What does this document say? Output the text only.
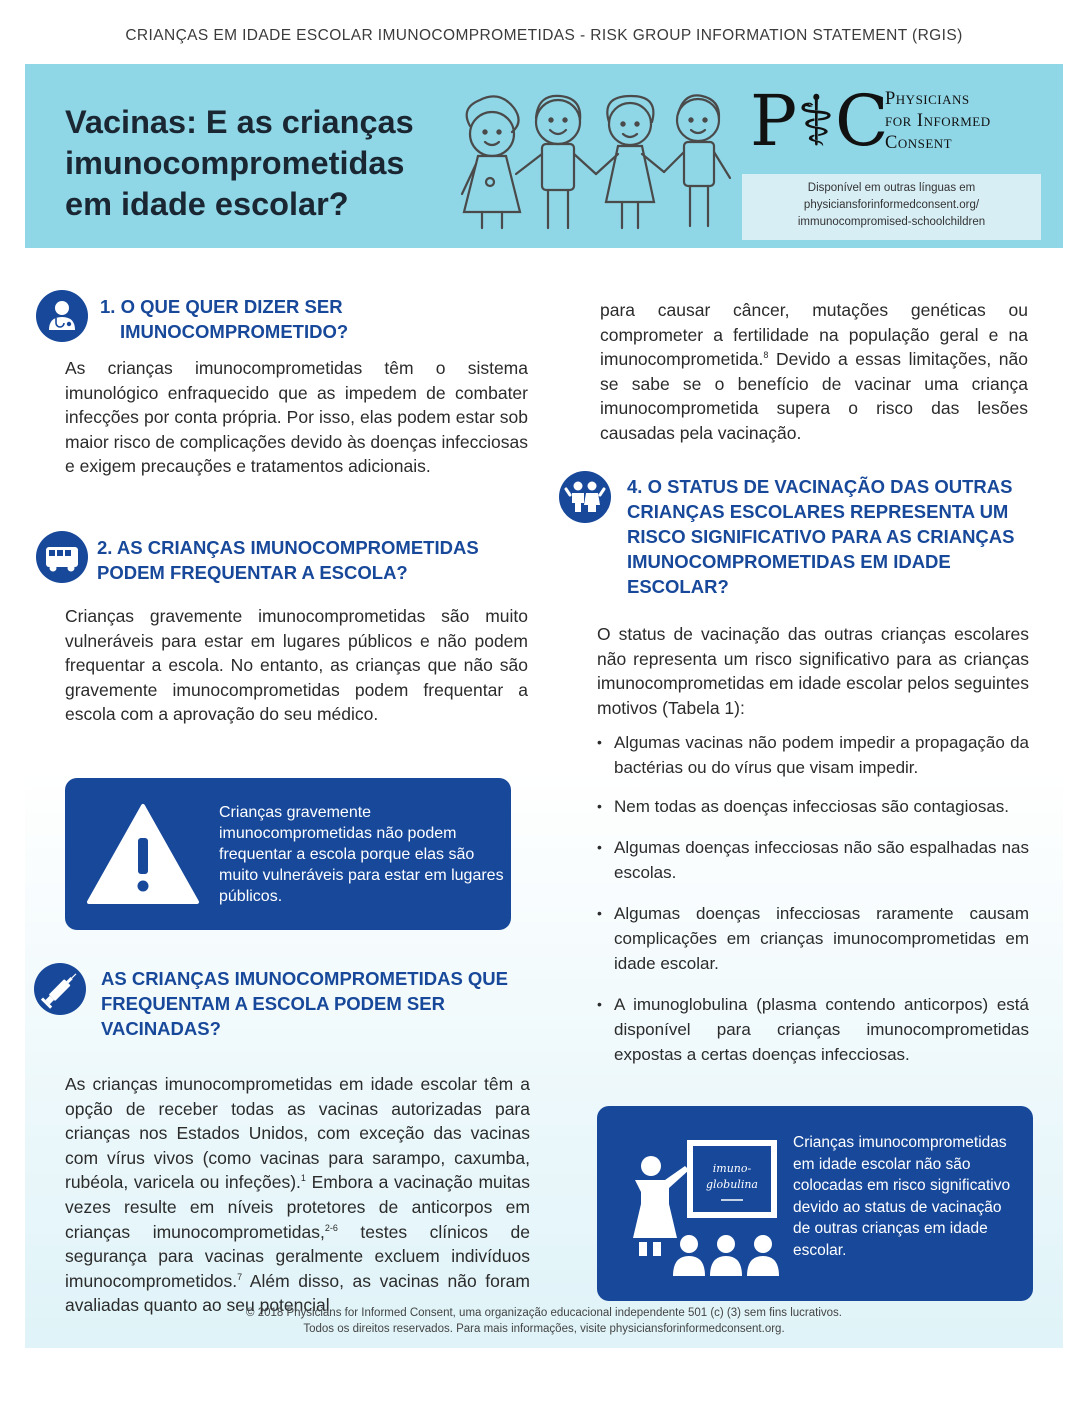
CRIANÇAS EM IDADE ESCOLAR IMUNOCOMPROMETIDAS - RISK GROUP INFORMATION STATEMENT (RGIS)
Vacinas: E as crianças imunocomprometidas em idade escolar?
P⚕C
Physicians
for Informed
Consent
Disponível em outras línguas em
physiciansforinformedconsent.org/
immunocompromised-schoolchildren
1. O QUE QUER DIZER SER
IMUNOCOMPROMETIDO?
As crianças imunocomprometidas têm o sistema imunológico enfraquecido que as impedem de combater infecções por conta própria. Por isso, elas podem estar sob maior risco de complicações devido às doenças infecciosas e exigem precauções e tratamentos adicionais.
2. AS CRIANÇAS IMUNOCOMPROMETIDAS PODEM FREQUENTAR A ESCOLA?
Crianças gravemente imunocomprometidas são muito vulneráveis para estar em lugares públicos e não podem frequentar a escola. No entanto, as crianças que não são gravemente imunocomprometidas podem frequentar a escola com a aprovação do seu médico.
Crianças gravemente imunocomprometidas não podem frequentar a escola porque elas são muito vulneráveis para estar em lugares públicos.
AS CRIANÇAS IMUNOCOMPROMETIDAS QUE FREQUENTAM A ESCOLA PODEM SER VACINADAS?
As crianças imunocomprometidas em idade escolar têm a opção de receber todas as vacinas autorizadas para crianças nos Estados Unidos, com exceção das vacinas com vírus vivos (como vacinas para sarampo, caxumba, rubéola, varicela ou infeções).$^1$ Embora a vacinação muitas vezes resulte em níveis protetores de anticorpos em crianças imunocomprometidas,$^{2-6}$ testes clínicos de segurança para vacinas geralmente excluem indivíduos imunocomprometidos.$^7$ Além disso, as vacinas não foram avaliadas quanto ao seu potencial
para causar câncer, mutações genéticas ou comprometer a fertilidade na população geral e na imunocomprometida.$^8$ Devido a essas limitações, não se sabe se o benefício de vacinar uma criança imunocomprometida supera o risco das lesões causadas pela vacinação.
4. O STATUS DE VACINAÇÃO DAS OUTRAS CRIANÇAS ESCOLARES REPRESENTA UM RISCO SIGNIFICATIVO PARA AS CRIANÇAS IMUNOCOMPROMETIDAS EM IDADE ESCOLAR?
O status de vacinação das outras crianças escolares não representa um risco significativo para as crianças imunocomprometidas em idade escolar pelos seguintes motivos (Tabela 1):
• Algumas vacinas não podem impedir a propagação da bactérias ou do vírus que visam impedir.
• Nem todas as doenças infecciosas são contagiosas.
• Algumas doenças infecciosas não são espalhadas nas escolas.
• Algumas doenças infecciosas raramente causam complicações em crianças imunocomprometidas em idade escolar.
• A imunoglobulina (plasma contendo anticorpos) está disponível para crianças imunocomprometidas expostas a certas doenças infecciosas.
imuno-
globulina
Crianças imunocomprometidas em idade escolar não são colocadas em risco significativo devido ao status de vacinação de outras crianças em idade escolar.
© 2018 Physicians for Informed Consent, uma organização educacional independente 501 (c) (3) sem fins lucrativos.
Todos os direitos reservados. Para mais informações, visite physiciansforinformedconsent.org.
